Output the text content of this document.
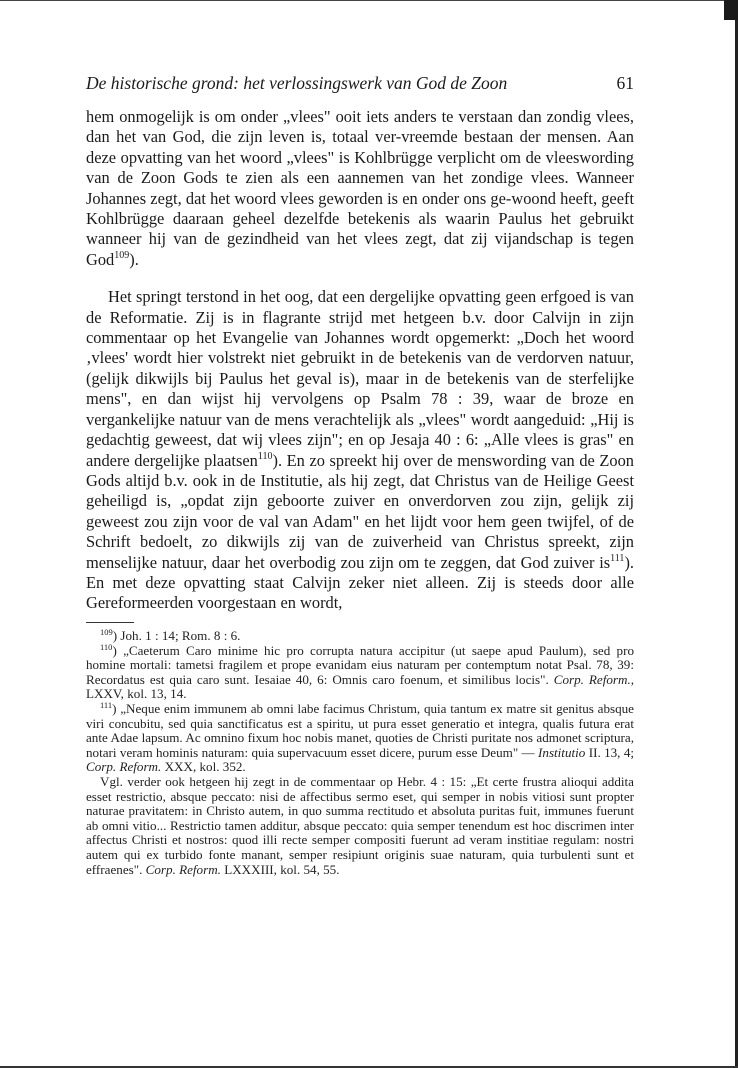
De historische grond: het verlossingswerk van God de Zoon	61

hem onmogelijk is om onder „vlees" ooit iets anders te verstaan dan zondig vlees, dan het van God, die zijn leven is, totaal ver-vreemde bestaan der mensen. Aan deze opvatting van het woord „vlees" is Kohlbrügge verplicht om de vleeswording van de Zoon Gods te zien als een aannemen van het zondige vlees. Wanneer Johannes zegt, dat het woord vlees geworden is en onder ons ge-woond heeft, geeft Kohlbrügge daaraan geheel dezelfde betekenis als waarin Paulus het gebruikt wanneer hij van de gezindheid van het vlees zegt, dat zij vijandschap is tegen God$^{109}$).

Het springt terstond in het oog, dat een dergelijke opvatting geen erfgoed is van de Reformatie. Zij is in flagrante strijd met hetgeen b.v. door Calvijn in zijn commentaar op het Evangelie van Johannes wordt opgemerkt: „Doch het woord ‚vlees' wordt hier volstrekt niet gebruikt in de betekenis van de verdorven natuur, (gelijk dikwijls bij Paulus het geval is), maar in de betekenis van de sterfelijke mens", en dan wijst hij vervolgens op Psalm 78 : 39, waar de broze en vergankelijke natuur van de mens verachtelijk als „vlees" wordt aangeduid: „Hij is gedachtig geweest, dat wij vlees zijn"; en op Jesaja 40 : 6: „Alle vlees is gras" en andere dergelijke plaatsen$^{110}$). En zo spreekt hij over de menswording van de Zoon Gods altijd b.v. ook in de Institutie, als hij zegt, dat Christus van de Heilige Geest geheiligd is, „opdat zijn geboorte zuiver en onverdorven zou zijn, gelijk zij geweest zou zijn voor de val van Adam" en het lijdt voor hem geen twijfel, of de Schrift bedoelt, zo dikwijls zij van de zuiverheid van Christus spreekt, zijn menselijke natuur, daar het overbodig zou zijn om te zeggen, dat God zuiver is$^{111}$). En met deze opvatting staat Calvijn zeker niet alleen. Zij is steeds door alle Gereformeerden voorgestaan en wordt,

$^{109}$) Joh. 1 : 14; Rom. 8 : 6.

$^{110}$) „Caeterum Caro minime hic pro corrupta natura accipitur (ut saepe apud Paulum), sed pro homine mortali: tametsi fragilem et prope evanidam eius naturam per contemptum notat Psal. 78, 39: Recordatus est quia caro sunt. Iesaiae 40, 6: Omnis caro foenum, et similibus locis". Corp. Reform., LXXV, kol. 13, 14.

$^{111}$) „Neque enim immunem ab omni labe facimus Christum, quia tantum ex matre sit genitus absque viri concubitu, sed quia sanctificatus est a spiritu, ut pura esset generatio et integra, qualis futura erat ante Adae lapsum. Ac omnino fixum hoc nobis manet, quoties de Christi puritate nos admonet scriptura, notari veram hominis naturam: quia supervacuum esset dicere, purum esse Deum" — Institutio II. 13, 4; Corp. Reform. XXX, kol. 352.

Vgl. verder ook hetgeen hij zegt in de commentaar op Hebr. 4 : 15: „Et certe frustra alioqui addita esset restrictio, absque peccato: nisi de affectibus sermo eset, qui semper in nobis vitiosi sunt propter naturae pravitatem: in Christo autem, in quo summa rectitudo et absoluta puritas fuit, immunes fuerunt ab omni vitio... Restrictio tamen additur, absque peccato: quia semper tenendum est hoc discrimen inter affectus Christi et nostros: quod illi recte semper compositi fuerunt ad veram institiae regulam: nostri autem qui ex turbido fonte manant, semper resipiunt originis suae naturam, quia turbulenti sunt et effraenes". Corp. Reform. LXXXIII, kol. 54, 55.
